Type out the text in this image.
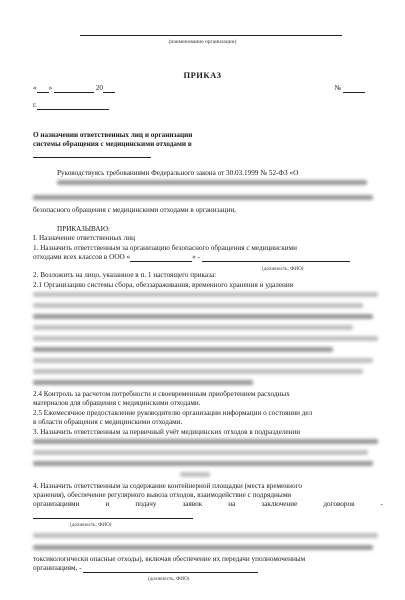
(наименование организации)
ПРИКАЗ
« »	20	№
г.
О назначении ответственных лиц и организации
системы обращения с медицинскими отходами в
Руководствуясь требованиями Федерального закона от 30.03.1999 № 52-ФЗ «О
безопасного обращения с медицинскими отходами в организации,
ПРИКАЗЫВАЮ:
I. Назначение ответственных лиц
1. Назначить ответственным за организацию безопасного обращения с медицинскими
отходами всех классов в ООО «	» -
(должность, ФИО)
2. Возложить на лицо, указанное в п. 1 настоящего приказа:
2.1 Организацию системы сбора, обеззараживания, временного хранения и удаления
2.4 Контроль за расчетом потребности и своевременным приобретением расходных
материалов для обращения с медицинскими отходами.
2.5 Ежемесячное предоставление руководителю организации информации о состоянии дел
в области обращения с медицинскими отходами.
3. Назначить ответственным за первичный учёт медицинских отходов в подразделении
4. Назначить ответственным за содержание контейнерной площадки (места временного
хранения), обеспечение регулярного вывоза отходов, взаимодействие с подрядными
организациями	и	подачу	заявок	на	заключение	договоров	-
(должность, ФИО)
токсикологически опасные отходы), включая обеспечение их передачи уполномоченным
организациям, -
(должность, ФИО)
